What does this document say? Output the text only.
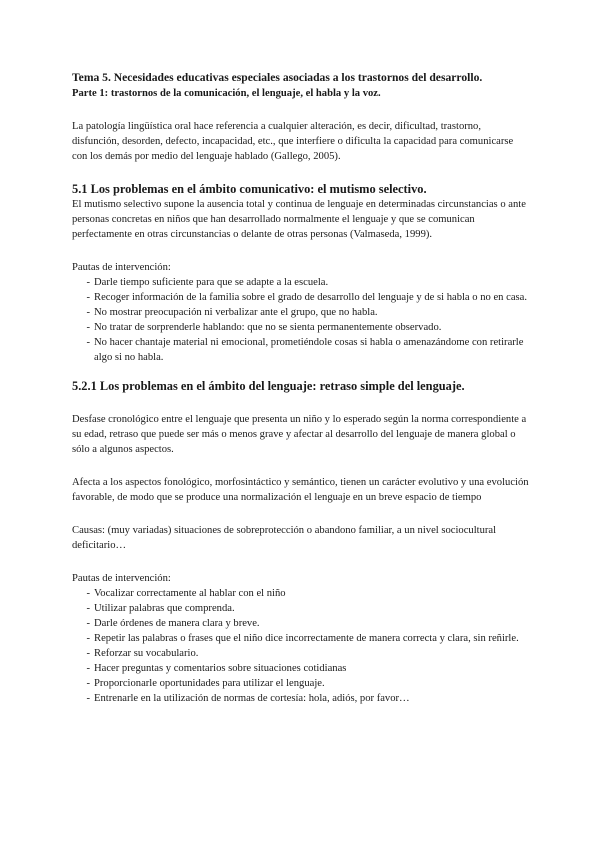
Tema 5. Necesidades educativas especiales asociadas a los trastornos del desarrollo.
Parte 1: trastornos de la comunicación, el lenguaje, el habla y la voz.

La patología lingüística oral hace referencia a cualquier alteración, es decir, dificultad, trastorno, disfunción, desorden, defecto, incapacidad, etc., que interfiere o dificulta la capacidad para comunicarse con los demás por medio del lenguaje hablado (Gallego, 2005).

5.1 Los problemas en el ámbito comunicativo: el mutismo selectivo.

El mutismo selectivo supone la ausencia total y continua de lenguaje en determinadas circunstancias o ante personas concretas en niños que han desarrollado normalmente el lenguaje y que se comunican perfectamente en otras circunstancias o delante de otras personas (Valmaseda, 1999).

Pautas de intervención:

- Darle tiempo suficiente para que se adapte a la escuela.
- Recoger información de la familia sobre el grado de desarrollo del lenguaje y de si habla o no en casa.
- No mostrar preocupación ni verbalizar ante el grupo, que no habla.
- No tratar de sorprenderle hablando: que no se sienta permanentemente observado.
- No hacer chantaje material ni emocional, prometiéndole cosas si habla o amenazándome con retirarle algo si no habla.
5.2.1 Los problemas en el ámbito del lenguaje: retraso simple del lenguaje.

Desfase cronológico entre el lenguaje que presenta un niño y lo esperado según la norma correspondiente a su edad, retraso que puede ser más o menos grave y afectar al desarrollo del lenguaje de manera global o sólo a algunos aspectos.

Afecta a los aspectos fonológico, morfosintáctico y semántico, tienen un carácter evolutivo y una evolución favorable, de modo que se produce una normalización el lenguaje en un breve espacio de tiempo

Causas: (muy variadas) situaciones de sobreprotección o abandono familiar, a un nivel sociocultural deficitario…

Pautas de intervención:

- Vocalizar correctamente al hablar con el niño
- Utilizar palabras que comprenda.
- Darle órdenes de manera clara y breve.
- Repetir las palabras o frases que el niño dice incorrectamente de manera correcta y clara, sin reñirle.
- Reforzar su vocabulario.
- Hacer preguntas y comentarios sobre situaciones cotidianas
- Proporcionarle oportunidades para utilizar el lenguaje.
- Entrenarle en la utilización de normas de cortesía: hola, adiós, por favor…
